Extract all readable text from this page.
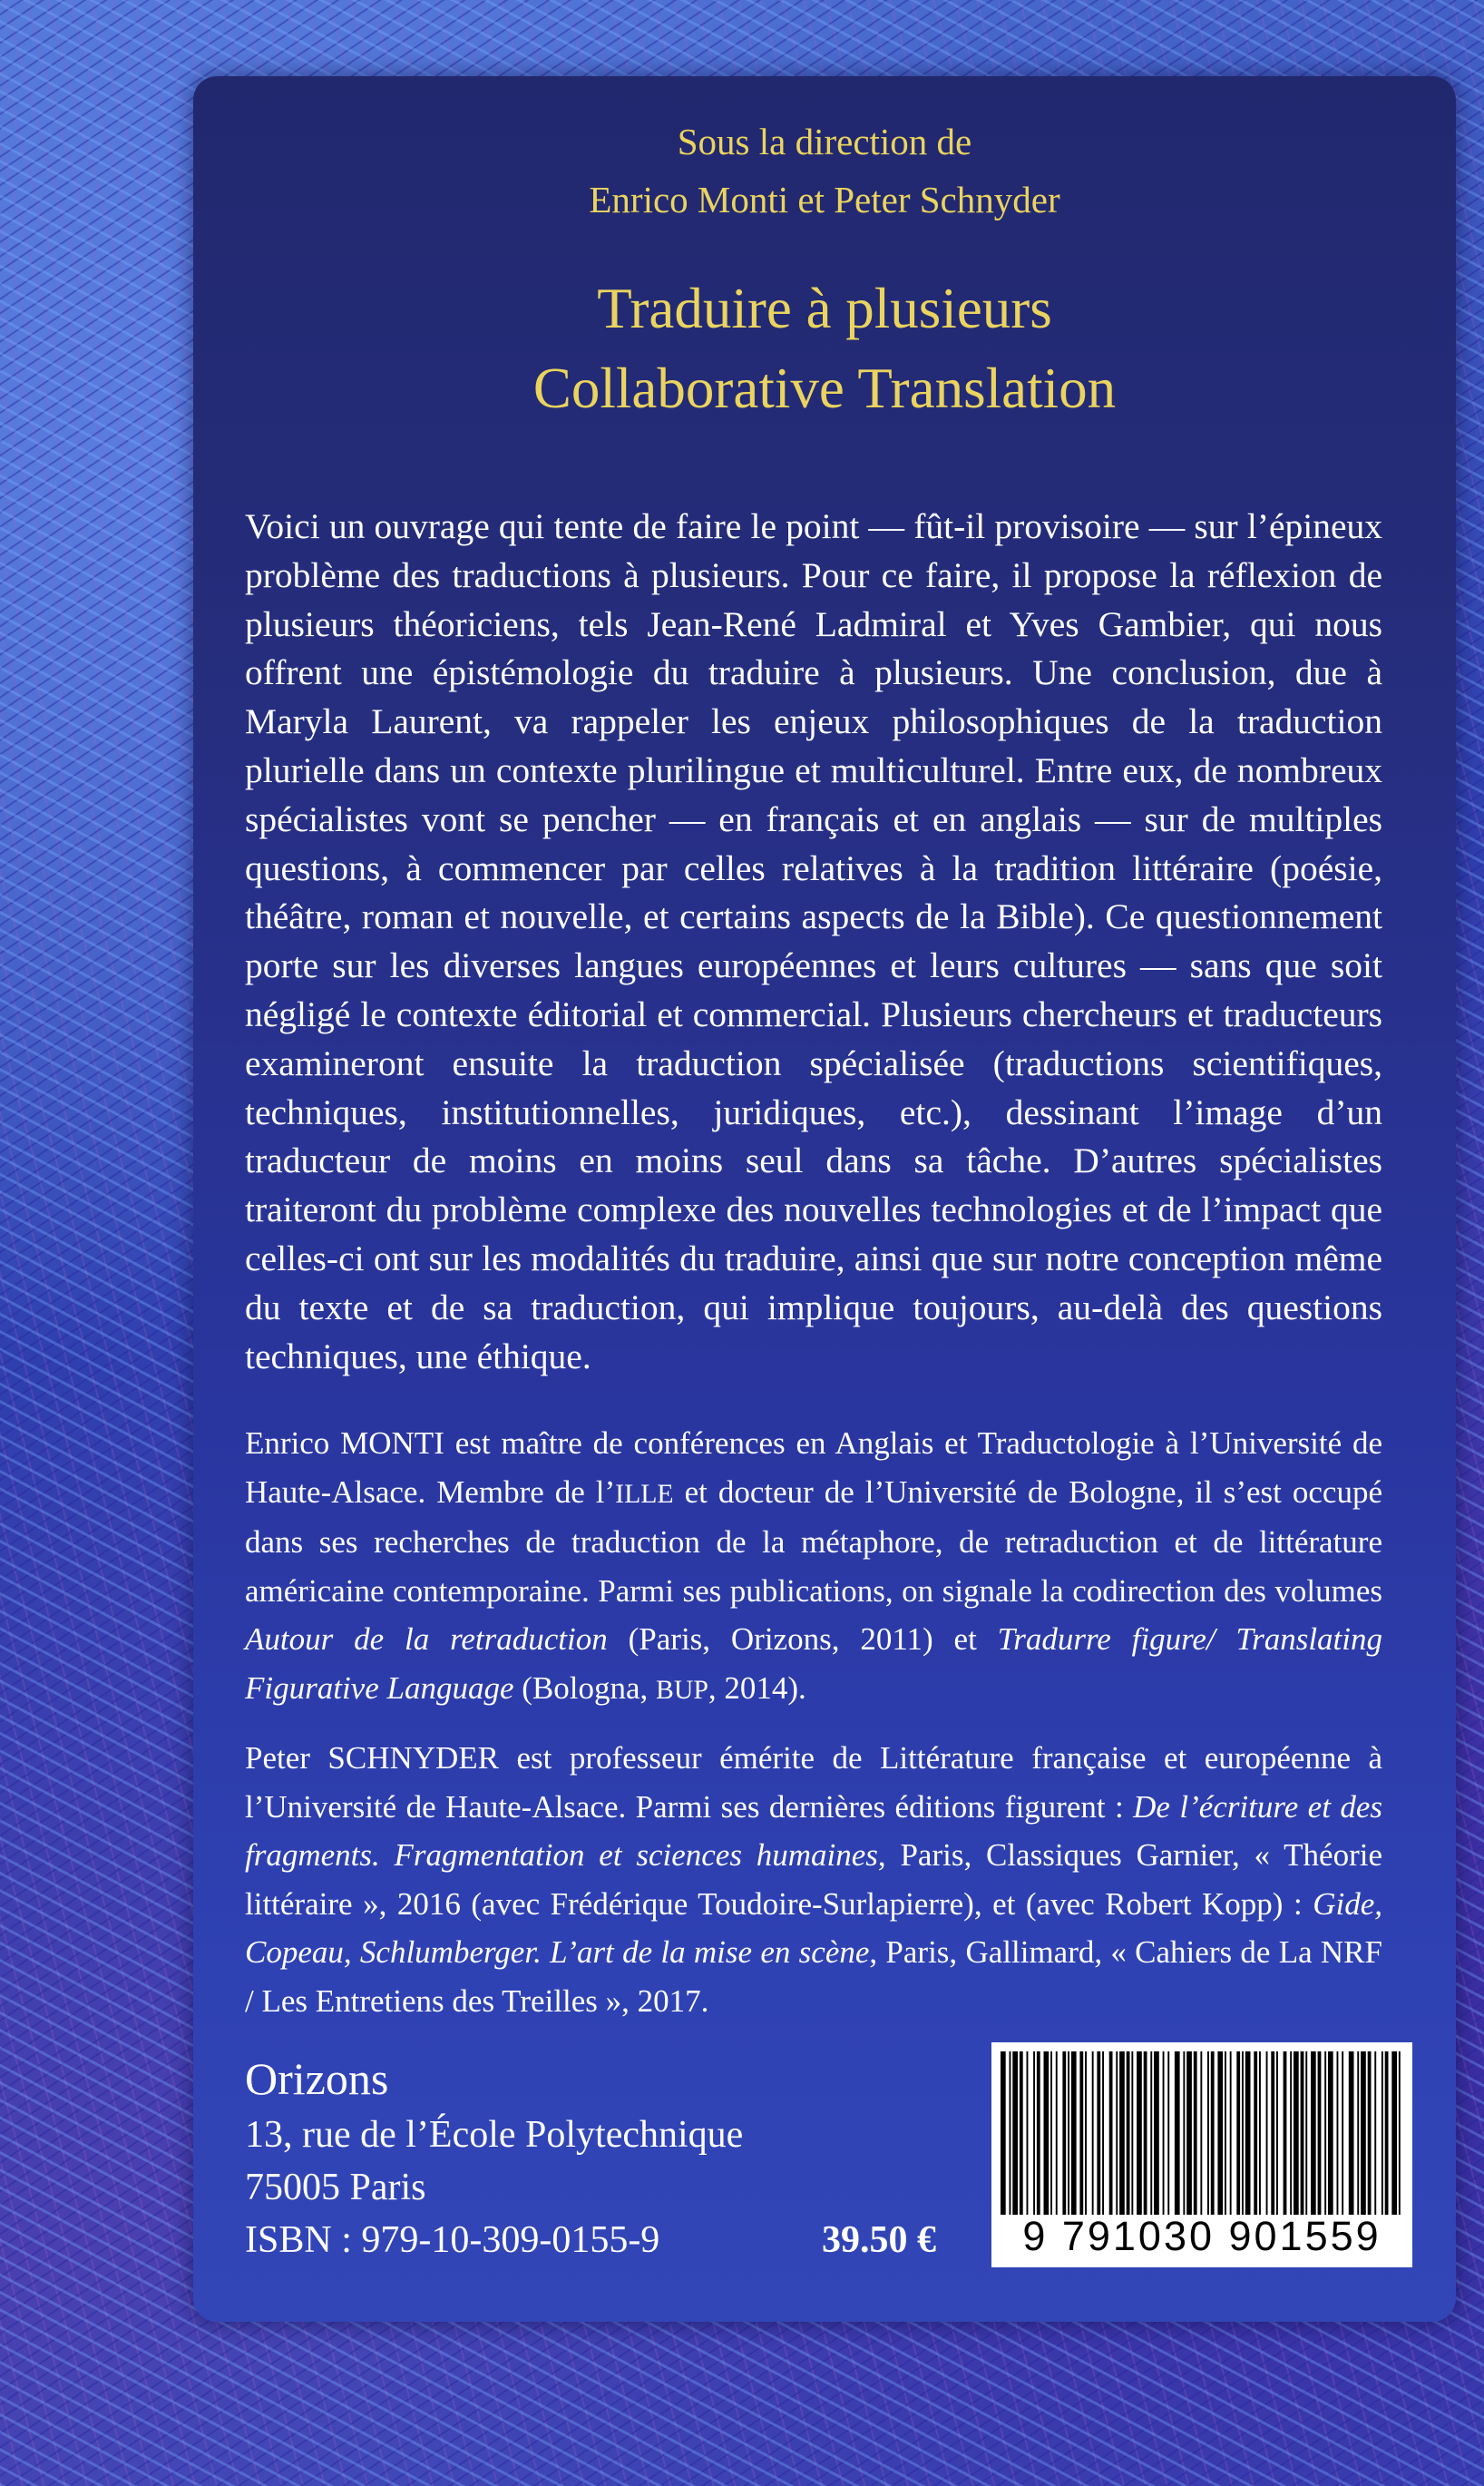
Sous la direction de
Enrico Monti et Peter Schnyder
Traduire à plusieurs
Collaborative Translation

Voici un ouvrage qui tente de faire le point — fût-il provisoire — sur l’épineux problème des traductions à plusieurs. Pour ce faire, il propose la réflexion de plusieurs théoriciens, tels Jean-René Ladmiral et Yves Gambier, qui nous offrent une épistémologie du traduire à plusieurs. Une conclusion, due à Maryla Laurent, va rappeler les enjeux philosophiques de la traduction plurielle dans un contexte plurilingue et multiculturel. Entre eux, de nombreux spécialistes vont se pencher — en français et en anglais — sur de multiples questions, à commencer par celles relatives à la tradition littéraire (poésie, théâtre, roman et nouvelle, et certains aspects de la Bible). Ce questionnement porte sur les diverses langues européennes et leurs cultures — sans que soit négligé le contexte éditorial et commercial. Plusieurs chercheurs et traducteurs examineront ensuite la traduction spécialisée (traductions scientifiques, techniques, institutionnelles, juridiques, etc.), dessinant l’image d’un traducteur de moins en moins seul dans sa tâche. D’autres spécialistes traiteront du problème complexe des nouvelles technologies et de l’impact que celles-ci ont sur les modalités du traduire, ainsi que sur notre conception même du texte et de sa traduction, qui implique toujours, au-delà des questions techniques, une éthique.

Enrico MONTI est maître de conférences en Anglais et Traductologie à l’Université de Haute-Alsace. Membre de l’ILLE et docteur de l’Université de Bologne, il s’est occupé dans ses recherches de traduction de la métaphore, de retraduction et de littérature américaine contemporaine. Parmi ses publications, on signale la codirection des volumes Autour de la retraduction (Paris, Orizons, 2011) et Tradurre figure/ Translating Figurative Language (Bologna, BUP, 2014).

Peter SCHNYDER est professeur émérite de Littérature française et européenne à l’Université de Haute-Alsace. Parmi ses dernières éditions figurent : De l’écriture et des fragments. Fragmentation et sciences humaines, Paris, Classiques Garnier, « Théorie littéraire », 2016 (avec Frédérique Toudoire-Surlapierre), et (avec Robert Kopp) : Gide, Copeau, Schlumberger. L’art de la mise en scène, Paris, Gallimard, « Cahiers de La NRF / Les Entretiens des Treilles », 2017.

Orizons
13, rue de l’École Polytechnique
75005 Paris
ISBN : 979-10-309-0155-9	39.50 €	9 791030 901559
